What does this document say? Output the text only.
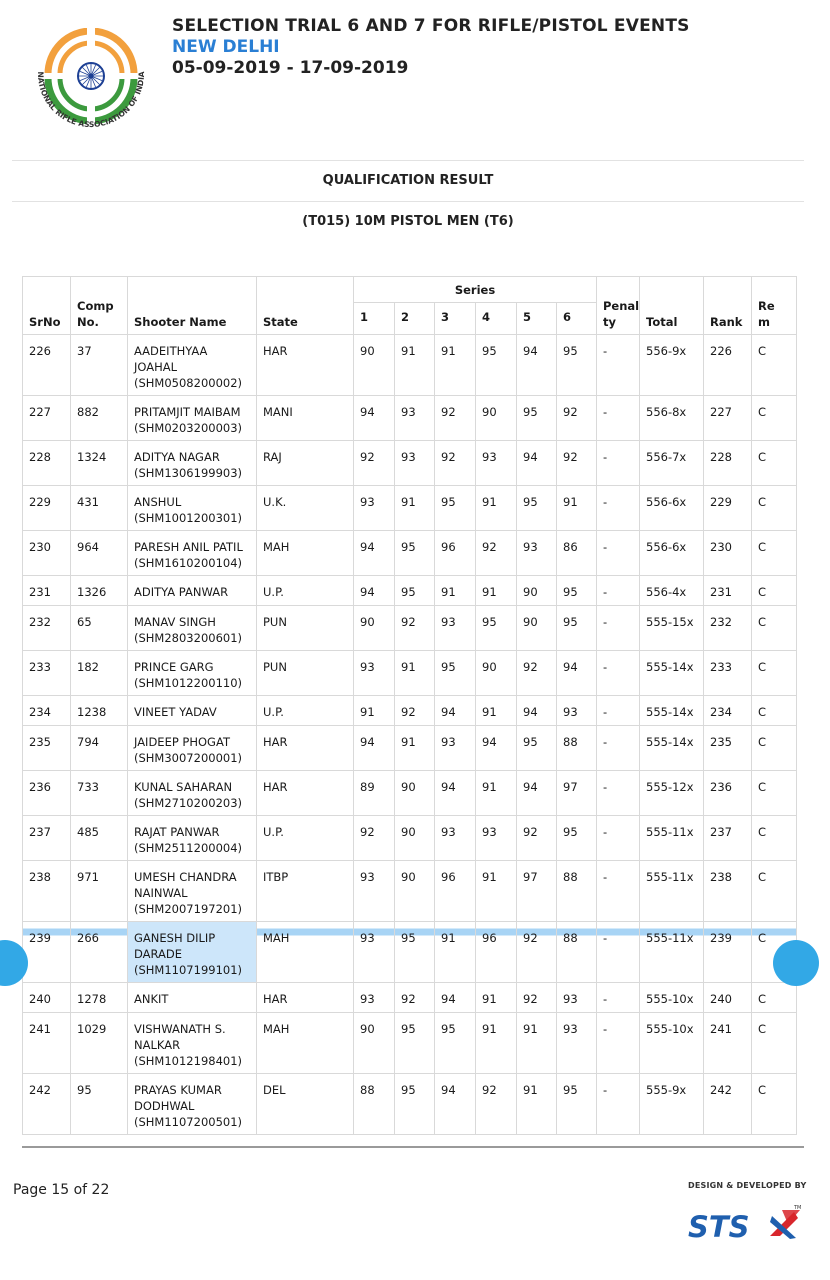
NATIONAL RIFLE ASSOCIATION OF INDIA
SELECTION TRIAL 6 AND 7 FOR RIFLE/PISTOL EVENTS
NEW DELHI
05-09-2019 - 17-09-2019
QUALIFICATION RESULT
(T015) 10M PISTOL MEN (T6)
SrNo	Comp
No.	Shooter Name	State	Series						Penal
ty	Total	Rank	Re
m
				1	2	3	4	5	6				
226	37	AADEITHYAA
JOAHAL
(SHM0508200002)	HAR	90	91	91	95	94	95	-	556-9x	226	C
227	882	PRITAMJIT MAIBAM
(SHM0203200003)	MANI	94	93	92	90	95	92	-	556-8x	227	C
228	1324	ADITYA NAGAR
(SHM1306199903)	RAJ	92	93	92	93	94	92	-	556-7x	228	C
229	431	ANSHUL
(SHM1001200301)	U.K.	93	91	95	91	95	91	-	556-6x	229	C
230	964	PARESH ANIL PATIL
(SHM1610200104)	MAH	94	95	96	92	93	86	-	556-6x	230	C
231	1326	ADITYA PANWAR	U.P.	94	95	91	91	90	95	-	556-4x	231	C
232	65	MANAV SINGH
(SHM2803200601)	PUN	90	92	93	95	90	95	-	555-15x	232	C
233	182	PRINCE GARG
(SHM1012200110)	PUN	93	91	95	90	92	94	-	555-14x	233	C
234	1238	VINEET YADAV	U.P.	91	92	94	91	94	93	-	555-14x	234	C
235	794	JAIDEEP PHOGAT
(SHM3007200001)	HAR	94	91	93	94	95	88	-	555-14x	235	C
236	733	KUNAL SAHARAN
(SHM2710200203)	HAR	89	90	94	91	94	97	-	555-12x	236	C
237	485	RAJAT PANWAR
(SHM2511200004)	U.P.	92	90	93	93	92	95	-	555-11x	237	C
238	971	UMESH CHANDRA
NAINWAL
(SHM2007197201)	ITBP	93	90	96	91	97	88	-	555-11x	238	C
239	266	GANESH DILIP
DARADE
(SHM1107199101)	MAH	93	95	91	96	92	88	-	555-11x	239	C
240	1278	ANKIT	HAR	93	92	94	91	92	93	-	555-10x	240	C
241	1029	VISHWANATH S.
NALKAR
(SHM1012198401)	MAH	90	95	95	91	91	93	-	555-10x	241	C
242	95	PRAYAS KUMAR
DODHWAL
(SHM1107200501)	DEL	88	95	94	92	91	95	-	555-9x	242	C
Page 15 of 22	DESIGN & DEVELOPED BY
STS
TM
